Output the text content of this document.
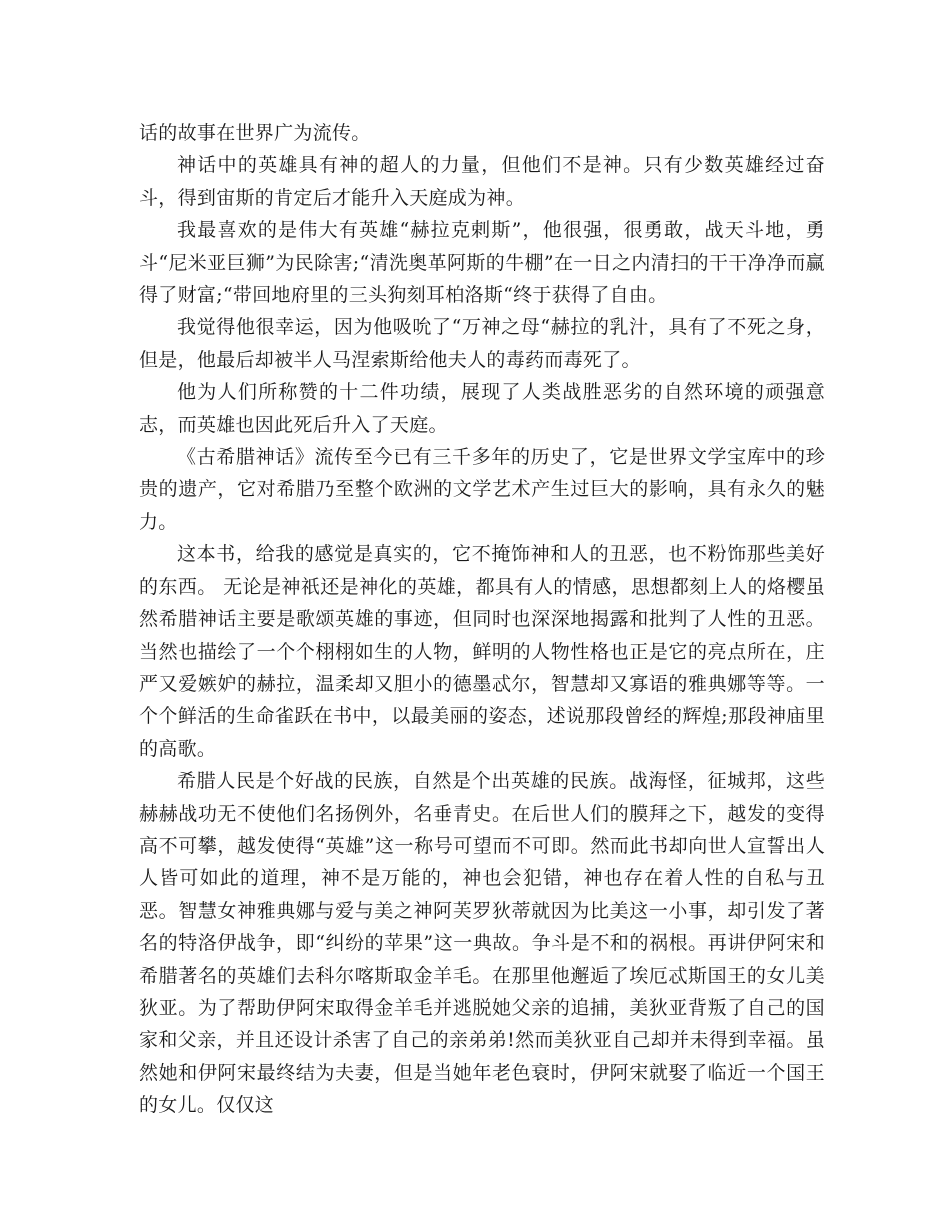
话的故事在世界广为流传。

神话中的英雄具有神的超人的力量，但他们不是神。只有少数英雄经过奋斗，得到宙斯的肯定后才能升入天庭成为神。

我最喜欢的是伟大有英雄“赫拉克剌斯”，他很强，很勇敢，战天斗地，勇斗“尼米亚巨狮”为民除害;“清洗奥革阿斯的牛棚”在一日之内清扫的干干净净而赢得了财富;“带回地府里的三头狗刻耳柏洛斯“终于获得了自由。

我觉得他很幸运，因为他吸吮了“万神之母“赫拉的乳汁，具有了不死之身，但是，他最后却被半人马涅索斯给他夫人的毒药而毒死了。

他为人们所称赞的十二件功绩，展现了人类战胜恶劣的自然环境的顽强意志，而英雄也因此死后升入了天庭。

《古希腊神话》流传至今已有三千多年的历史了，它是世界文学宝库中的珍贵的遗产，它对希腊乃至整个欧洲的文学艺术产生过巨大的影响，具有永久的魅力。

这本书，给我的感觉是真实的，它不掩饰神和人的丑恶，也不粉饰那些美好的东西。 无论是神祇还是神化的英雄，都具有人的情感，思想都刻上人的烙樱虽然希腊神话主要是歌颂英雄的事迹，但同时也深深地揭露和批判了人性的丑恶。当然也描绘了一个个栩栩如生的人物，鲜明的人物性格也正是它的亮点所在，庄严又爱嫉妒的赫拉，温柔却又胆小的德墨忒尔，智慧却又寡语的雅典娜等等。一个个鲜活的生命雀跃在书中，以最美丽的姿态，述说那段曾经的辉煌;那段神庙里的高歌。

希腊人民是个好战的民族，自然是个出英雄的民族。战海怪，征城邦，这些赫赫战功无不使他们名扬例外，名垂青史。在后世人们的膜拜之下，越发的变得高不可攀，越发使得“英雄”这一称号可望而不可即。然而此书却向世人宣誓出人人皆可如此的道理，神不是万能的，神也会犯错，神也存在着人性的自私与丑恶。智慧女神雅典娜与爱与美之神阿芙罗狄蒂就因为比美这一小事，却引发了著名的特洛伊战争，即“纠纷的苹果”这一典故。争斗是不和的祸根。再讲伊阿宋和希腊著名的英雄们去科尔喀斯取金羊毛。在那里他邂逅了埃厄忒斯国王的女儿美狄亚。为了帮助伊阿宋取得金羊毛并逃脱她父亲的追捕，美狄亚背叛了自己的国家和父亲，并且还设计杀害了自己的亲弟弟!然而美狄亚自己却并未得到幸福。虽然她和伊阿宋最终结为夫妻，但是当她年老色衰时，伊阿宋就娶了临近一个国王的女儿。仅仅这
